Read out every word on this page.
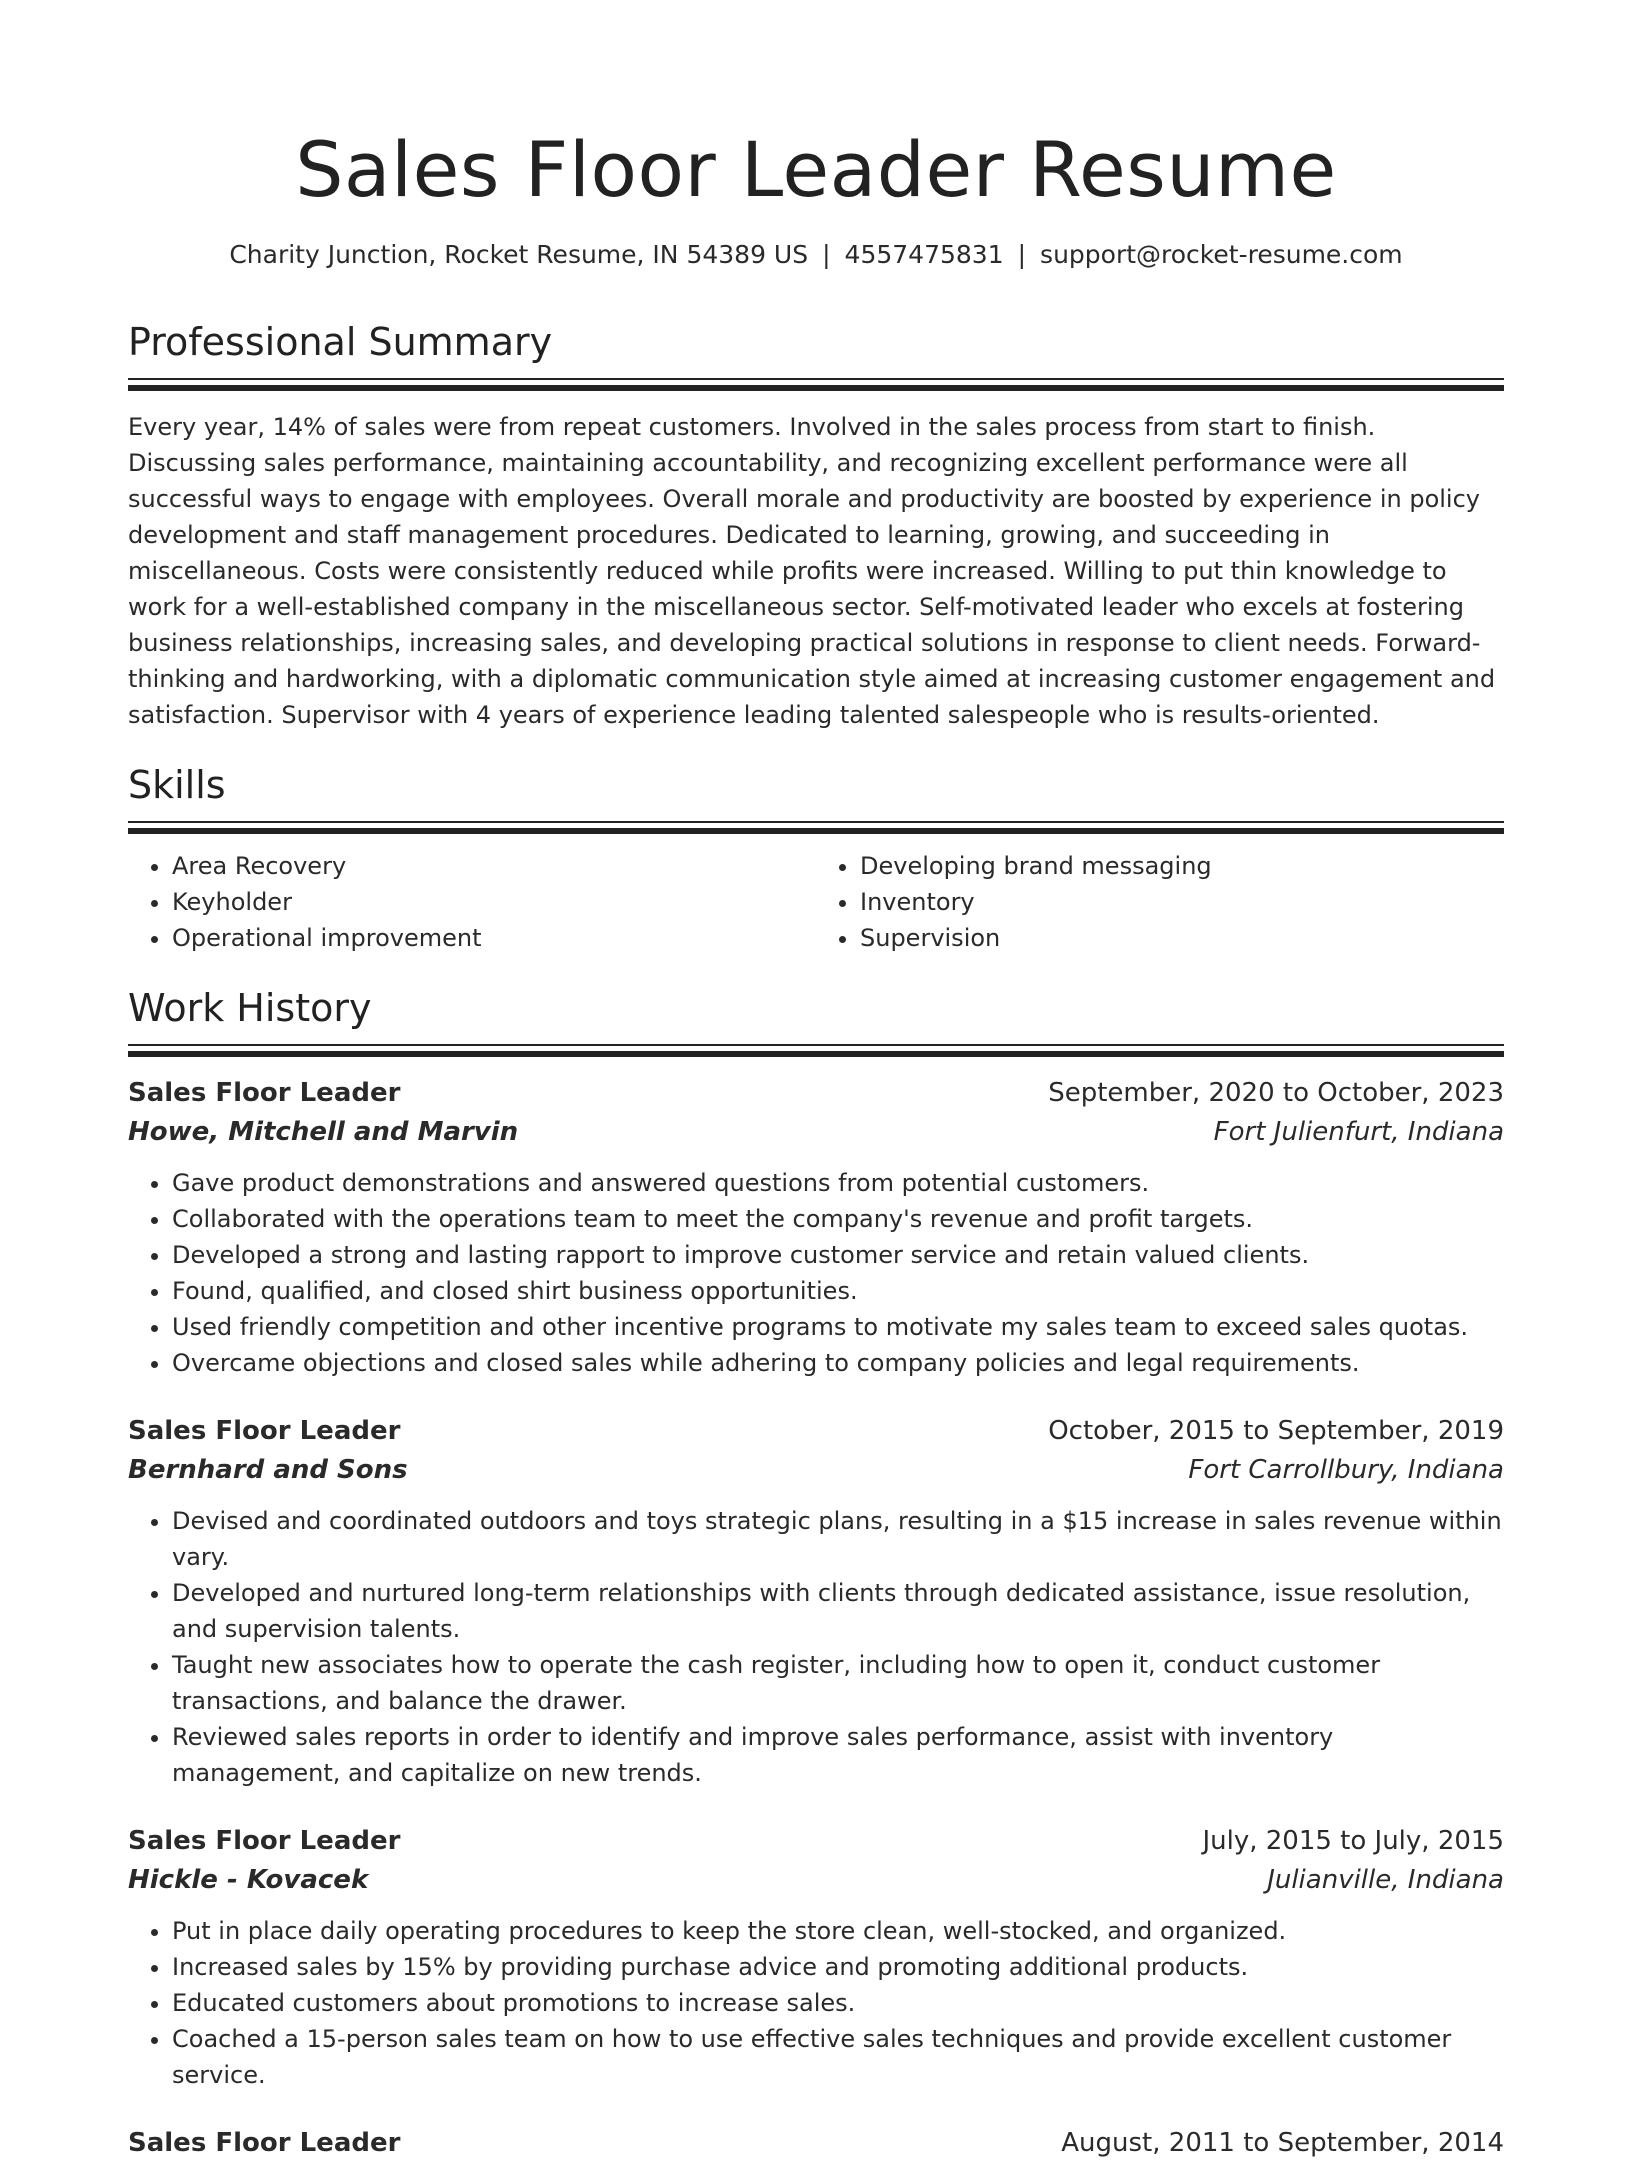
Sales Floor Leader Resume
Charity Junction, Rocket Resume, IN 54389 US | 4557475831 | support@rocket-resume.com
Professional Summary
Every year, 14% of sales were from repeat customers. Involved in the sales process from start to finish. Discussing sales performance, maintaining accountability, and recognizing excellent performance were all successful ways to engage with employees. Overall morale and productivity are boosted by experience in policy development and staff management procedures. Dedicated to learning, growing, and succeeding in miscellaneous. Costs were consistently reduced while profits were increased. Willing to put thin knowledge to work for a well-established company in the miscellaneous sector. Self-motivated leader who excels at fostering business relationships, increasing sales, and developing practical solutions in response to client needs. Forward-thinking and hardworking, with a diplomatic communication style aimed at increasing customer engagement and satisfaction. Supervisor with 4 years of experience leading talented salespeople who is results-oriented.
Skills
• Area Recovery
• Keyholder
• Operational improvement
• Developing brand messaging
• Inventory
• Supervision
Work History
Sales Floor Leader	September, 2020 to October, 2023
Howe, Mitchell and Marvin	Fort Julienfurt, Indiana
• Gave product demonstrations and answered questions from potential customers.
• Collaborated with the operations team to meet the company's revenue and profit targets.
• Developed a strong and lasting rapport to improve customer service and retain valued clients.
• Found, qualified, and closed shirt business opportunities.
• Used friendly competition and other incentive programs to motivate my sales team to exceed sales quotas.
• Overcame objections and closed sales while adhering to company policies and legal requirements.
Sales Floor Leader	October, 2015 to September, 2019
Bernhard and Sons	Fort Carrollbury, Indiana
• Devised and coordinated outdoors and toys strategic plans, resulting in a $15 increase in sales revenue within vary.
• Developed and nurtured long-term relationships with clients through dedicated assistance, issue resolution, and supervision talents.
• Taught new associates how to operate the cash register, including how to open it, conduct customer transactions, and balance the drawer.
• Reviewed sales reports in order to identify and improve sales performance, assist with inventory management, and capitalize on new trends.
Sales Floor Leader	July, 2015 to July, 2015
Hickle - Kovacek	Julianville, Indiana
• Put in place daily operating procedures to keep the store clean, well-stocked, and organized.
• Increased sales by 15% by providing purchase advice and promoting additional products.
• Educated customers about promotions to increase sales.
• Coached a 15-person sales team on how to use effective sales techniques and provide excellent customer service.
Sales Floor Leader	August, 2011 to September, 2014
